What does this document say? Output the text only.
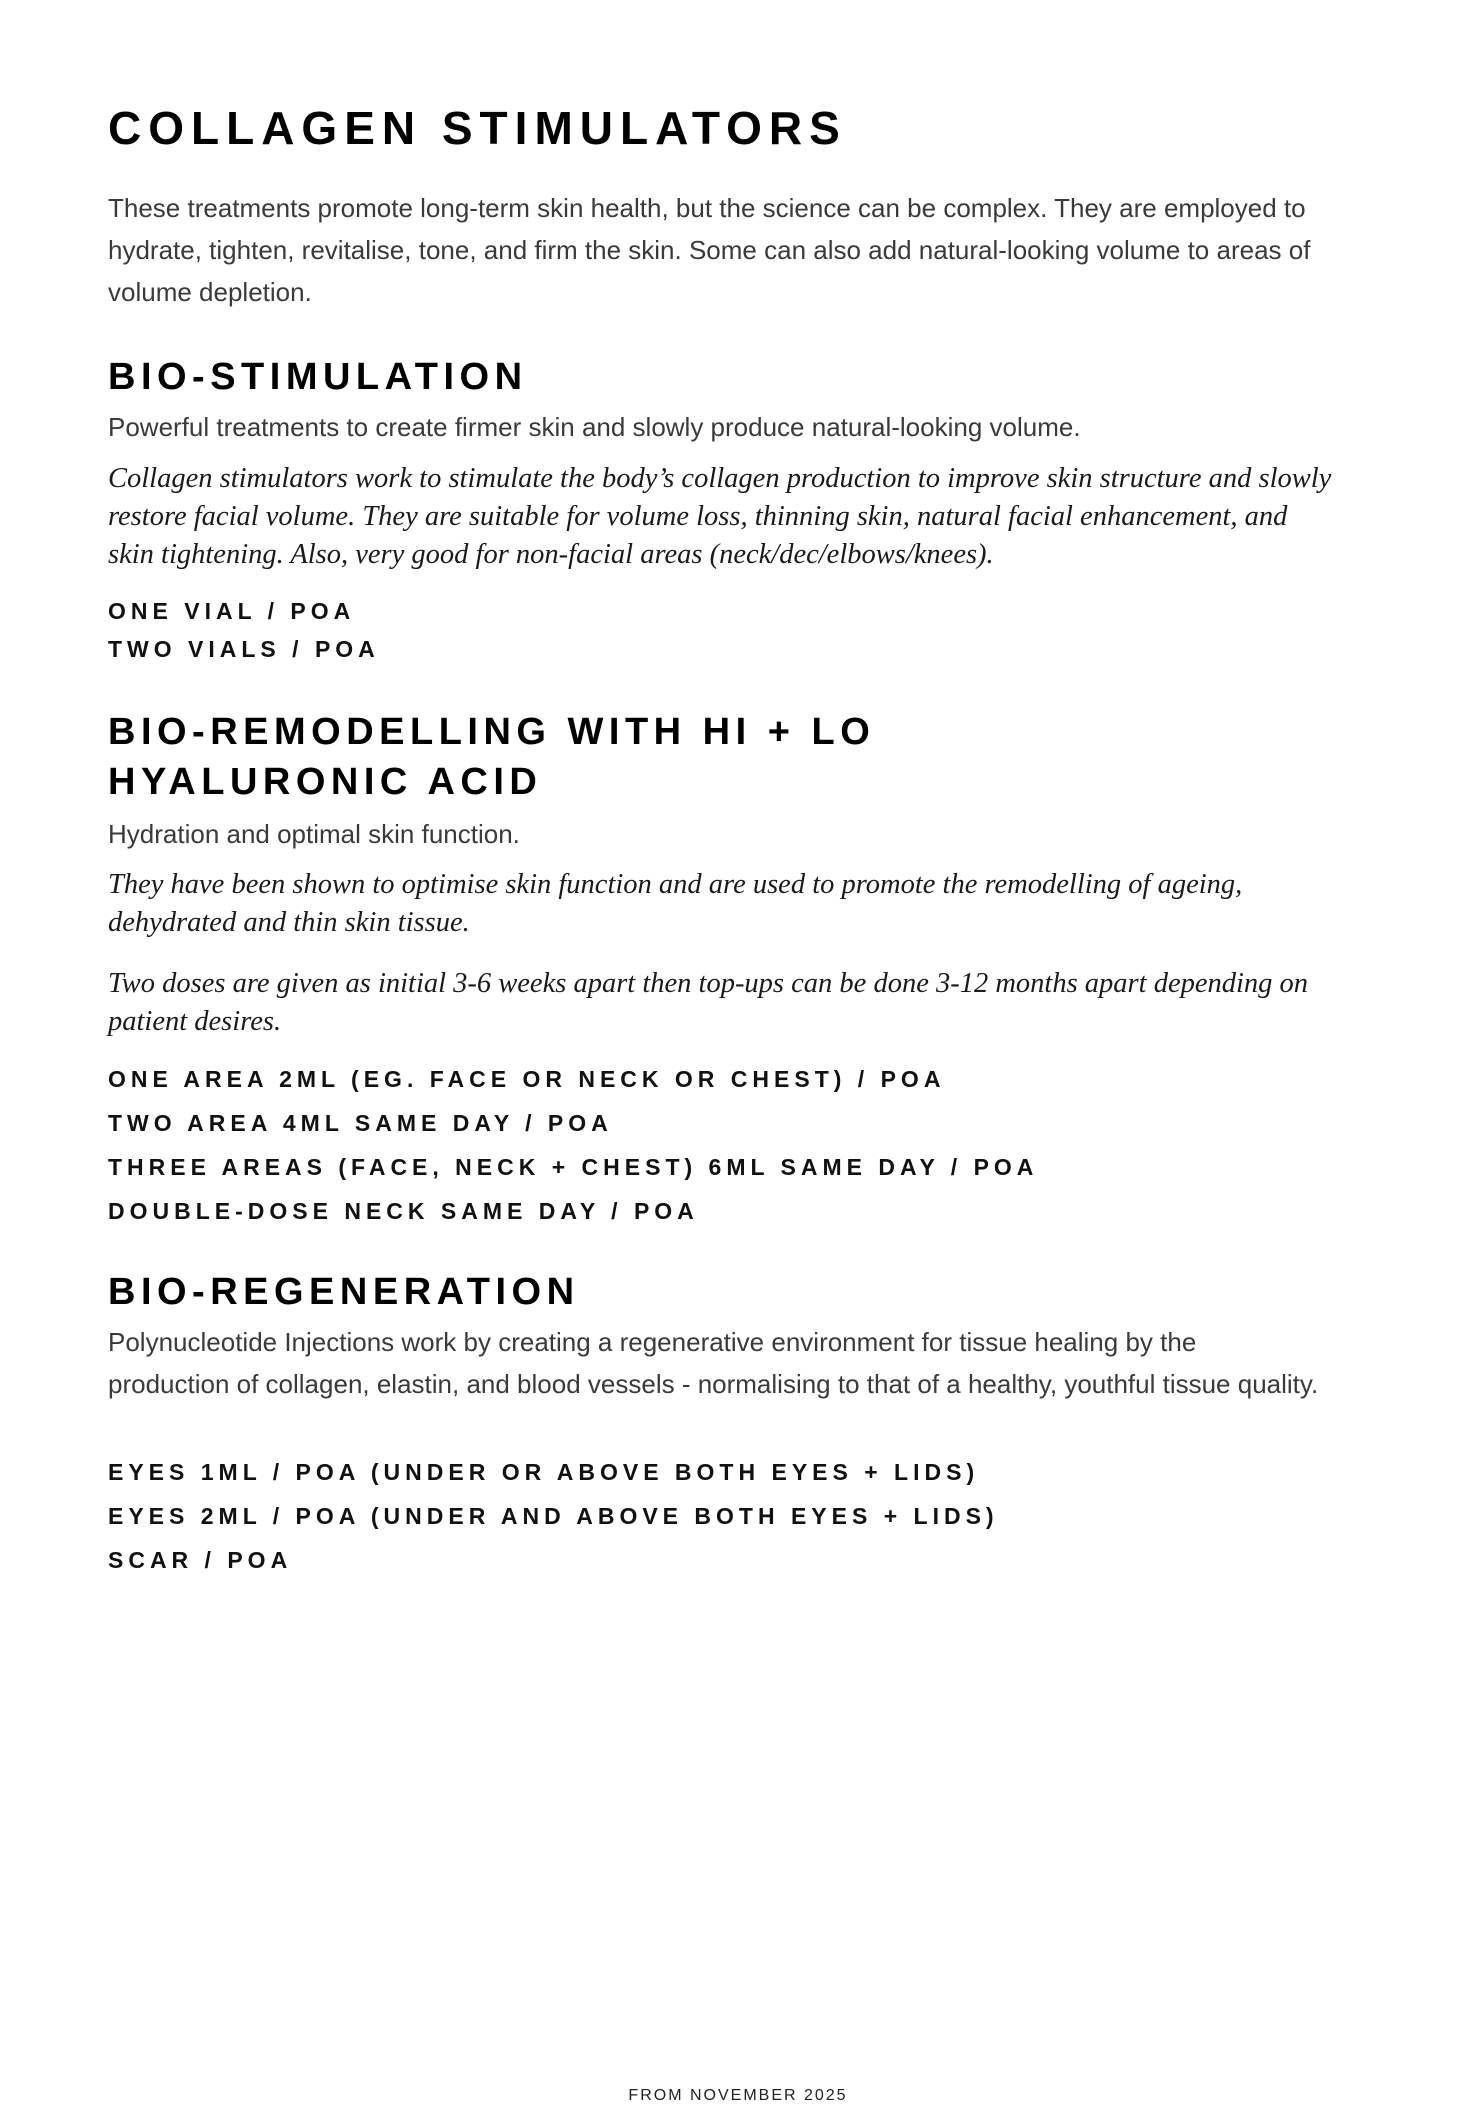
COLLAGEN STIMULATORS

These treatments promote long-term skin health, but the science can be complex. They are employed to hydrate, tighten, revitalise, tone, and firm the skin. Some can also add natural-looking volume to areas of volume depletion.

BIO-STIMULATION

Powerful treatments to create firmer skin and slowly produce natural-looking volume.

Collagen stimulators work to stimulate the body’s collagen production to improve skin structure and slowly restore facial volume. They are suitable for volume loss, thinning skin, natural facial enhancement, and skin tightening. Also, very good for non-facial areas (neck/dec/elbows/knees).

ONE VIAL / POA

TWO VIALS / POA

BIO-REMODELLING WITH HI + LO
HYALURONIC ACID

Hydration and optimal skin function.

They have been shown to optimise skin function and are used to promote the remodelling of ageing, dehydrated and thin skin tissue.

Two doses are given as initial 3-6 weeks apart then top-ups can be done 3-12 months apart depending on patient desires.

ONE AREA 2ML (EG. FACE OR NECK OR CHEST) / POA

TWO AREA 4ML SAME DAY / POA

THREE AREAS (FACE, NECK + CHEST) 6ML SAME DAY / POA

DOUBLE-DOSE NECK SAME DAY / POA

BIO-REGENERATION

Polynucleotide Injections work by creating a regenerative environment for tissue healing by the production of collagen, elastin, and blood vessels - normalising to that of a healthy, youthful tissue quality.

EYES 1ML / POA (UNDER OR ABOVE BOTH EYES + LIDS)

EYES 2ML / POA (UNDER AND ABOVE BOTH EYES + LIDS)

SCAR / POA

FROM NOVEMBER 2025
